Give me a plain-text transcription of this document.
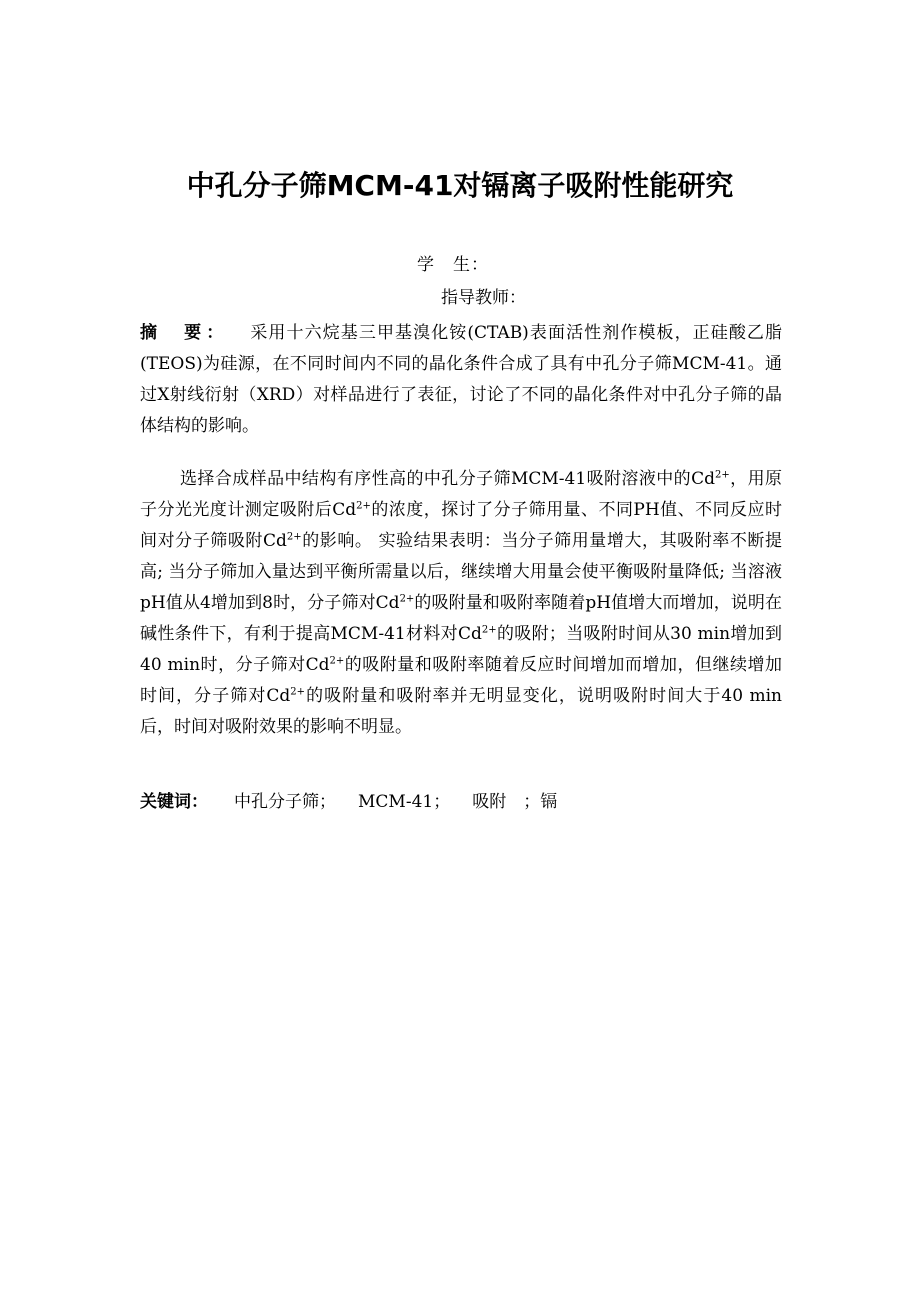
中孔分子筛MCM-41对镉离子吸附性能研究
学　生：
指导教师：
摘　要： 采用十六烷基三甲基溴化铵(CTAB)表面活性剂作模板，正硅酸乙脂(TEOS)为硅源，在不同时间内不同的晶化条件合成了具有中孔分子筛MCM-41。通过X射线衍射（XRD）对样品进行了表征，讨论了不同的晶化条件对中孔分子筛的晶体结构的影响。
选择合成样品中结构有序性高的中孔分子筛MCM-41吸附溶液中的$Cd^{2+}$，用原子分光光度计测定吸附后$Cd^{2+}$的浓度，探讨了分子筛用量、不同PH值、不同反应时间对分子筛吸附$Cd^{2+}$的影响。 实验结果表明：当分子筛用量增大，其吸附率不断提高; 当分子筛加入量达到平衡所需量以后，继续增大用量会使平衡吸附量降低; 当溶液pH值从4增加到8时，分子筛对$Cd^{2+}$的吸附量和吸附率随着pH值增大而增加，说明在碱性条件下，有利于提高MCM-41材料对$Cd^{2+}$的吸附；当吸附时间从30 min增加到40 min时，分子筛对$Cd^{2+}$的吸附量和吸附率随着反应时间增加而增加，但继续增加时间，分子筛对$Cd^{2+}$的吸附量和吸附率并无明显变化，说明吸附时间大于40 min后，时间对吸附效果的影响不明显。
关键词： 中孔分子筛； MCM-41； 吸附　；镉
